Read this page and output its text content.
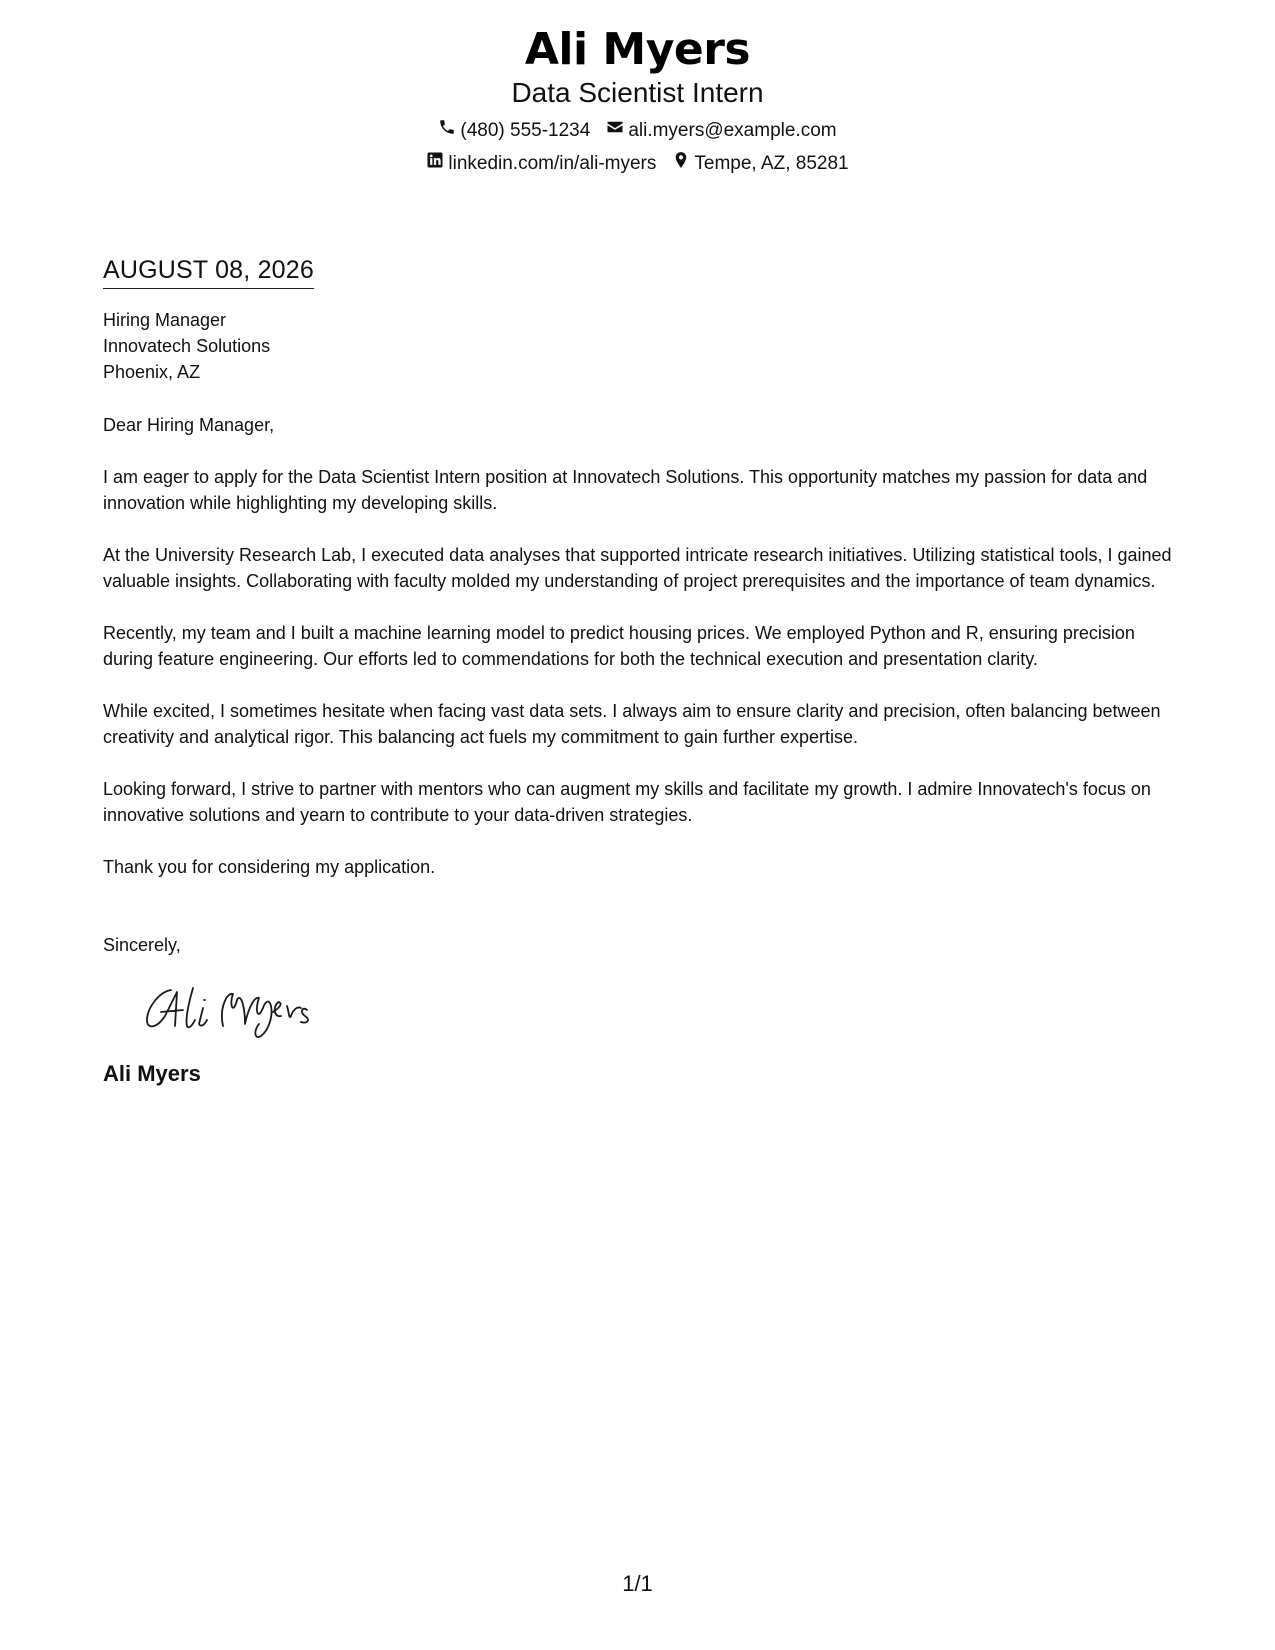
Ali Myers
Data Scientist Intern
(480) 555-1234 ali.myers@example.com
linkedin.com/in/ali-myers Tempe, AZ, 85281
AUGUST 08, 2026
Hiring Manager
Innovatech Solutions
Phoenix, AZ
Dear Hiring Manager,
I am eager to apply for the Data Scientist Intern position at Innovatech Solutions. This opportunity matches my passion for data and innovation while highlighting my developing skills.
At the University Research Lab, I executed data analyses that supported intricate research initiatives. Utilizing statistical tools, I gained valuable insights. Collaborating with faculty molded my understanding of project prerequisites and the importance of team dynamics.
Recently, my team and I built a machine learning model to predict housing prices. We employed Python and R, ensuring precision during feature engineering. Our efforts led to commendations for both the technical execution and presentation clarity.
While excited, I sometimes hesitate when facing vast data sets. I always aim to ensure clarity and precision, often balancing between creativity and analytical rigor. This balancing act fuels my commitment to gain further expertise.
Looking forward, I strive to partner with mentors who can augment my skills and facilitate my growth. I admire Innovatech's focus on innovative solutions and yearn to contribute to your data-driven strategies.
Thank you for considering my application.
Sincerely,
Ali Myers
1/1
